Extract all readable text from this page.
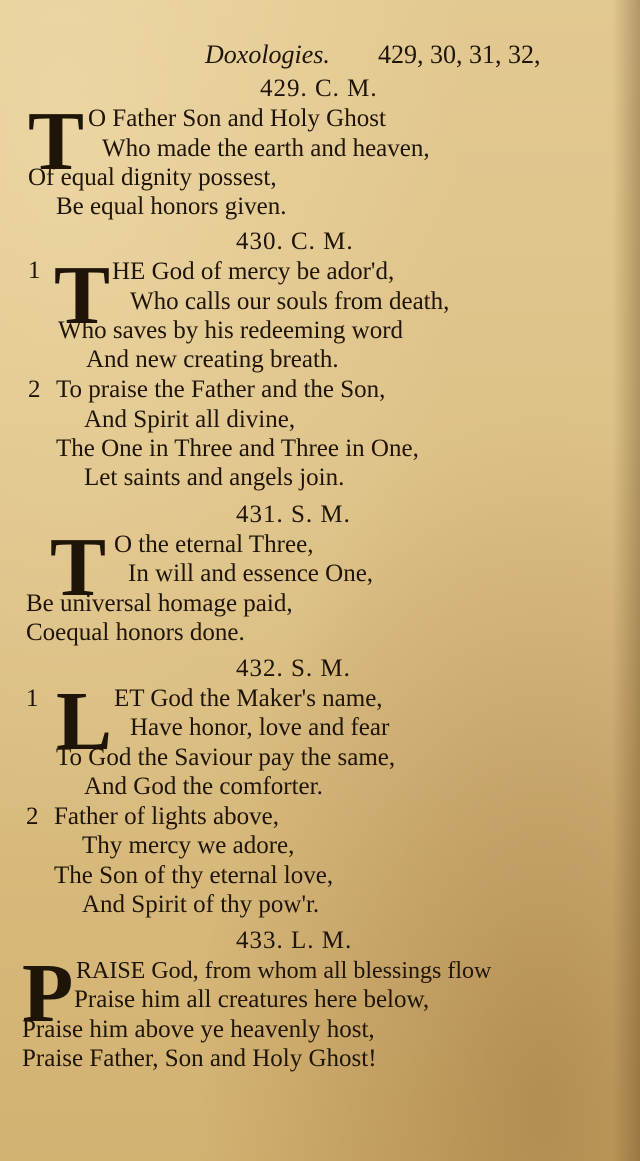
Doxologies. 429, 30, 31, 32,
429. C. M.
T O Father Son and Holy Ghost
Who made the earth and heaven,
Of equal dignity possest,
Be equal honors given.
430. C. M.
1 T HE God of mercy be ador'd,
Who calls our souls from death,
Who saves by his redeeming word
And new creating breath.
2 To praise the Father and the Son,
And Spirit all divine,
The One in Three and Three in One,
Let saints and angels join.
431. S. M.
T O the eternal Three,
In will and essence One,
Be universal homage paid,
Coequal honors done.
432. S. M.
1 L ET God the Maker's name,
Have honor, love and fear
To God the Saviour pay the same,
And God the comforter.
2 Father of lights above,
Thy mercy we adore,
The Son of thy eternal love,
And Spirit of thy pow'r.
433. L. M.
P RAISE God, from whom all blessings flow
Praise him all creatures here below,
Praise him above ye heavenly host,
Praise Father, Son and Holy Ghost!
